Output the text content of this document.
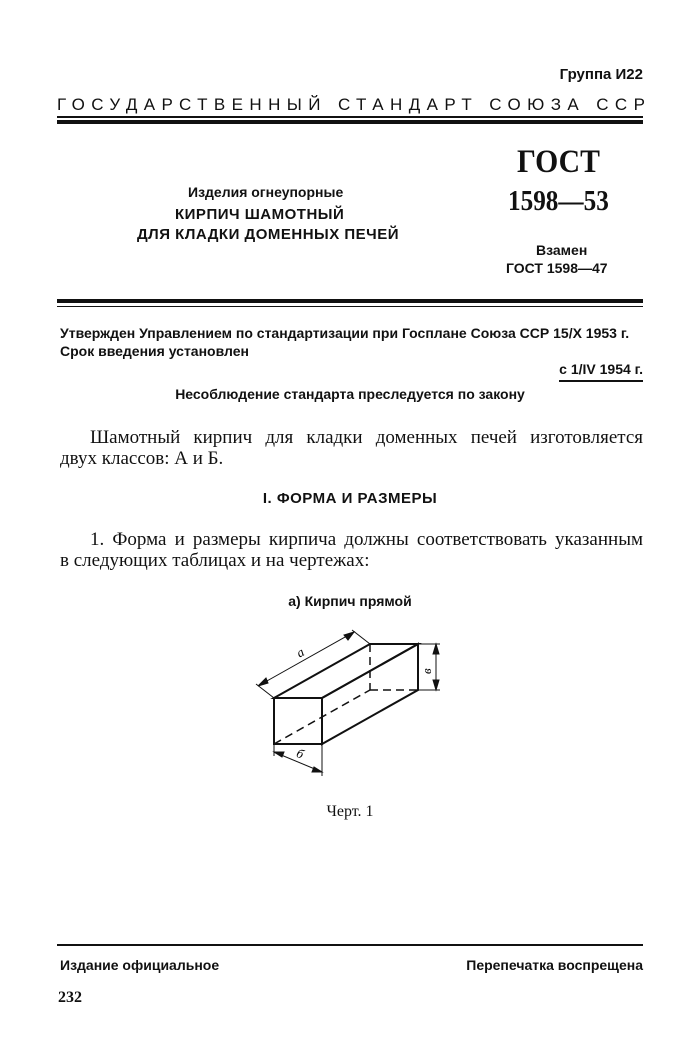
Группа И22
ГОСУДАРСТВЕННЫЙ СТАНДАРТ СОЮЗА ССР
Изделия огнеупорные
КИРПИЧ ШАМОТНЫЙ
ДЛЯ КЛАДКИ ДОМЕННЫХ ПЕЧЕЙ
ГОСТ
1598—53
Взамен
ГОСТ 1598—47
Утвержден Управлением по стандартизации при Госплане Союза ССР 15/X 1953 г.
Срок введения установлен
с 1/IV 1954 г.
Несоблюдение стандарта преследуется по закону
Шамотный кирпич для кладки доменных печей изготовляется
двух классов: А и Б.
I. ФОРМА И РАЗМЕРЫ
1. Форма и размеры кирпича должны соответствовать указанным
в следующих таблицах и на чертежах:
а) Кирпич прямой
а
б
в
Черт. 1
Издание официальное	Перепечатка воспрещена
232
